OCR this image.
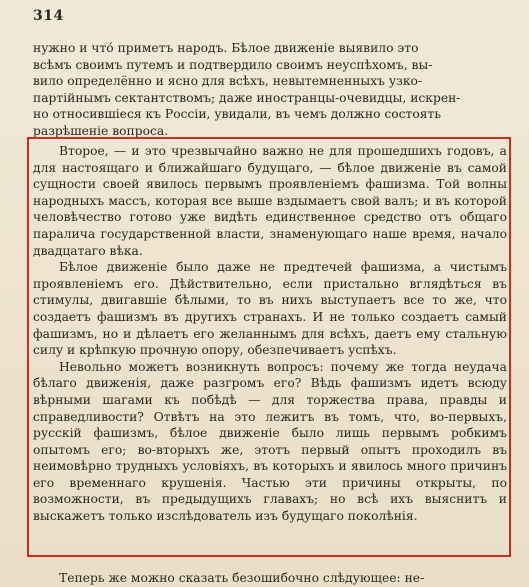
314
нужно и что́ приметъ народъ. Бѣлое движенiе выявило это
всѣмъ своимъ путемъ и подтвердило своимъ неуспѣхомъ, вы-
вило определённо и ясно для всѣхъ, невытемненныхъ узко-
партiйнымъ сектантствомъ; даже иностранцы-очевидцы, искрен-
но относившiеся къ Россiи, увидали, въ чемъ должно состоять
разрѣшенiе вопроса.

Второе, — и это чрезвычайно важно не для прошедшихъ годовъ, а для настоящаго и ближайшаго будущаго, — бѣлое движенiе въ самой сущности своей явилось первымъ проявленiемъ фашизма. Той волны народныхъ массъ, которая все выше вздымаетъ свой валъ; и въ которой человѣчество готово уже видѣть единственное средство отъ общаго паралича государственной власти, знаменующаго наше время, начало двадцатаго вѣка.

Бѣлое движенiе было даже не предтечей фашизма, а чистымъ проявленiемъ его. Дѣйствительно, если пристально вглядѣться въ стимулы, двигавшiе бѣлыми, то въ нихъ выступаетъ все то же, что создаетъ фашизмъ въ другихъ странахъ. И не только создаетъ самый фашизмъ, но и дѣлаетъ его желаннымъ для всѣхъ, даетъ ему стальную силу и крѣпкую прочную опору, обезпечиваетъ успѣхъ.

Невольно можетъ возникнуть вопросъ: почему же тогда неудача бѣлаго движенiя, даже разгромъ его? Вѣдь фашизмъ идетъ всюду вѣрными шагами къ побѣдѣ — для торжества права, правды и справедливости? Отвѣтъ на это лежитъ въ томъ, что, во-первыхъ, русскiй фашизмъ, бѣлое движенiе было лишь первымъ робкимъ опытомъ его; во-вторыхъ же, этотъ первый опытъ проходилъ въ неимовѣрно трудныхъ условiяхъ, въ которыхъ и явилось много причинъ его временнаго крушенiя. Частью эти причины открыты, по возможности, въ предыдущихъ главахъ; но всѣ ихъ выяснитъ и выскажетъ только изслѣдователь изъ будущаго поколѣнiя.

Теперь же можно сказать безошибочно слѣдующее: не-
